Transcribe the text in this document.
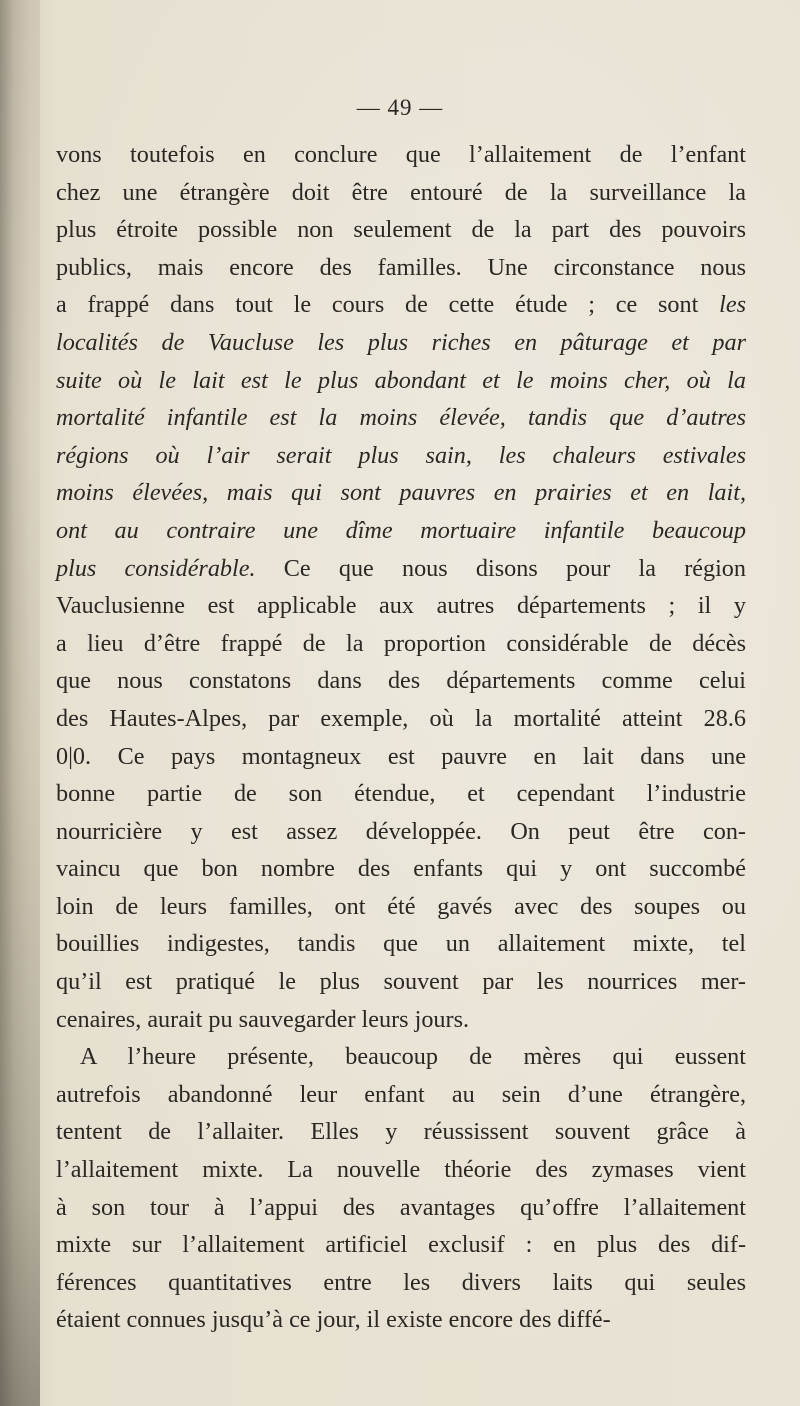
— 49 —
vons toutefois en conclure que l’allaitement de l’enfant
chez une étrangère doit être entouré de la surveillance la
plus étroite possible non seulement de la part des pouvoirs
publics, mais encore des familles. Une circonstance nous
a frappé dans tout le cours de cette étude ; ce sont les
localités de Vaucluse les plus riches en pâturage et par
suite où le lait est le plus abondant et le moins cher, où la
mortalité infantile est la moins élevée, tandis que d’autres
régions où l’air serait plus sain, les chaleurs estivales
moins élevées, mais qui sont pauvres en prairies et en lait,
ont au contraire une dîme mortuaire infantile beaucoup
plus considérable. Ce que nous disons pour la région
Vauclusienne est applicable aux autres départements ; il y
a lieu d’être frappé de la proportion considérable de décès
que nous constatons dans des départements comme celui
des Hautes-Alpes, par exemple, où la mortalité atteint 28.6
0|0. Ce pays montagneux est pauvre en lait dans une
bonne partie de son étendue, et cependant l’industrie
nourricière y est assez développée. On peut être con-
vaincu que bon nombre des enfants qui y ont succombé
loin de leurs familles, ont été gavés avec des soupes ou
bouillies indigestes, tandis que un allaitement mixte, tel
qu’il est pratiqué le plus souvent par les nourrices mer-
cenaires, aurait pu sauvegarder leurs jours.
A l’heure présente, beaucoup de mères qui eussent
autrefois abandonné leur enfant au sein d’une étrangère,
tentent de l’allaiter. Elles y réussissent souvent grâce à
l’allaitement mixte. La nouvelle théorie des zymases vient
à son tour à l’appui des avantages qu’offre l’allaitement
mixte sur l’allaitement artificiel exclusif : en plus des dif-
férences quantitatives entre les divers laits qui seules
étaient connues jusqu’à ce jour, il existe encore des diffé-
